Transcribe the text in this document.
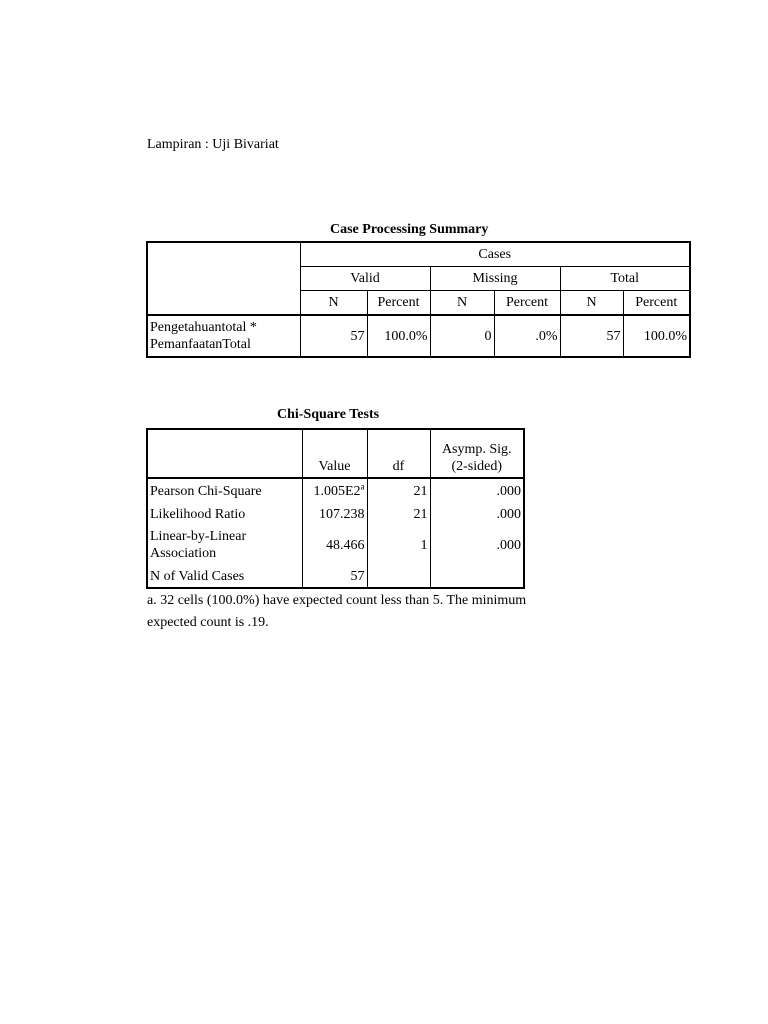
Lampiran : Uji Bivariat
Case Processing Summary
	Cases					
	Valid		Missing		Total	
	N	Percent	N	Percent	N	Percent
Pengetahuantotal *
PemanfaatanTotal	57	100.0%	0	.0%	57	100.0%
Chi-Square Tests
	Value	df	Asymp. Sig.
(2-sided)
Pearson Chi-Square	1.005E2$^a$	21	.000
Likelihood Ratio	107.238	21	.000
Linear-by-Linear
Association	48.466	1	.000
N of Valid Cases	57		
a. 32 cells (100.0%) have expected count less than 5. The minimum expected count is .19.
